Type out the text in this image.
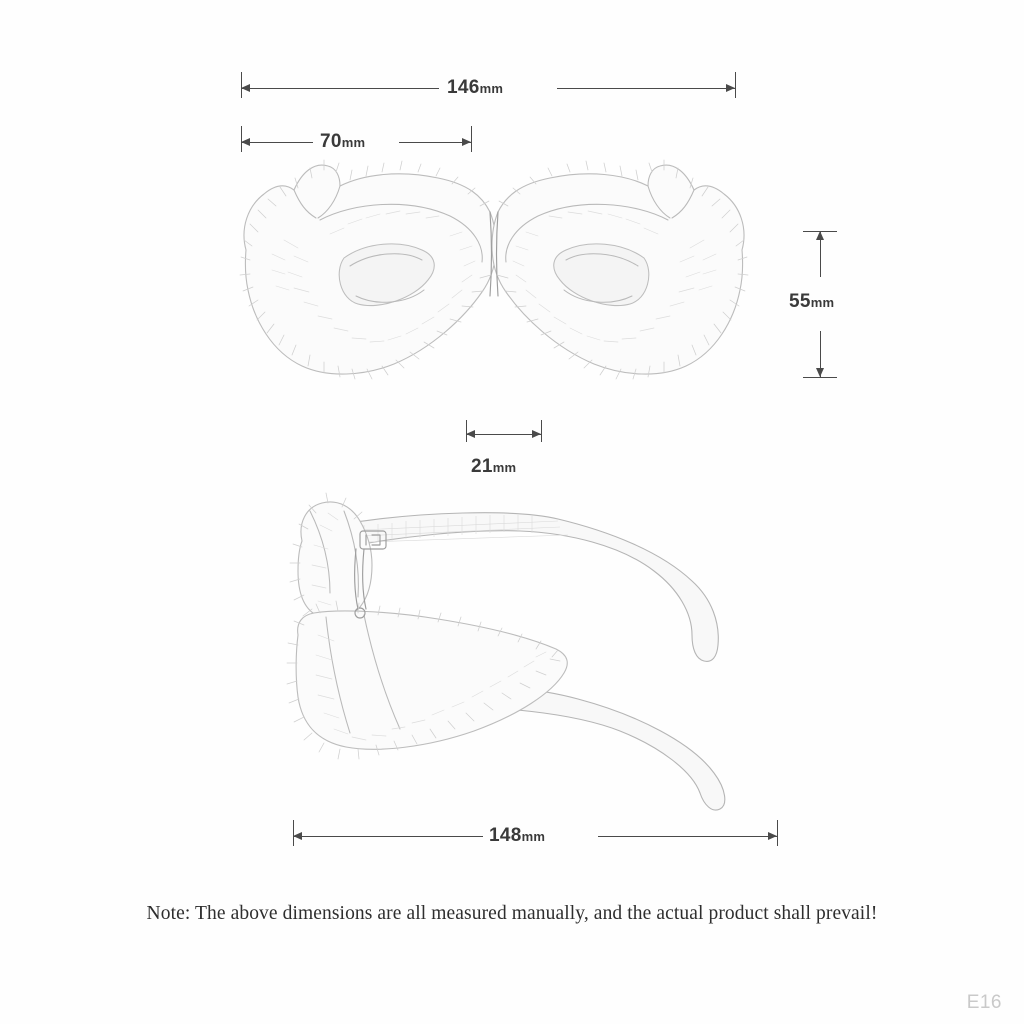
146mm
70mm
55mm
21mm
148mm
Note: The above dimensions are all measured manually, and the actual product shall prevail!
E16
